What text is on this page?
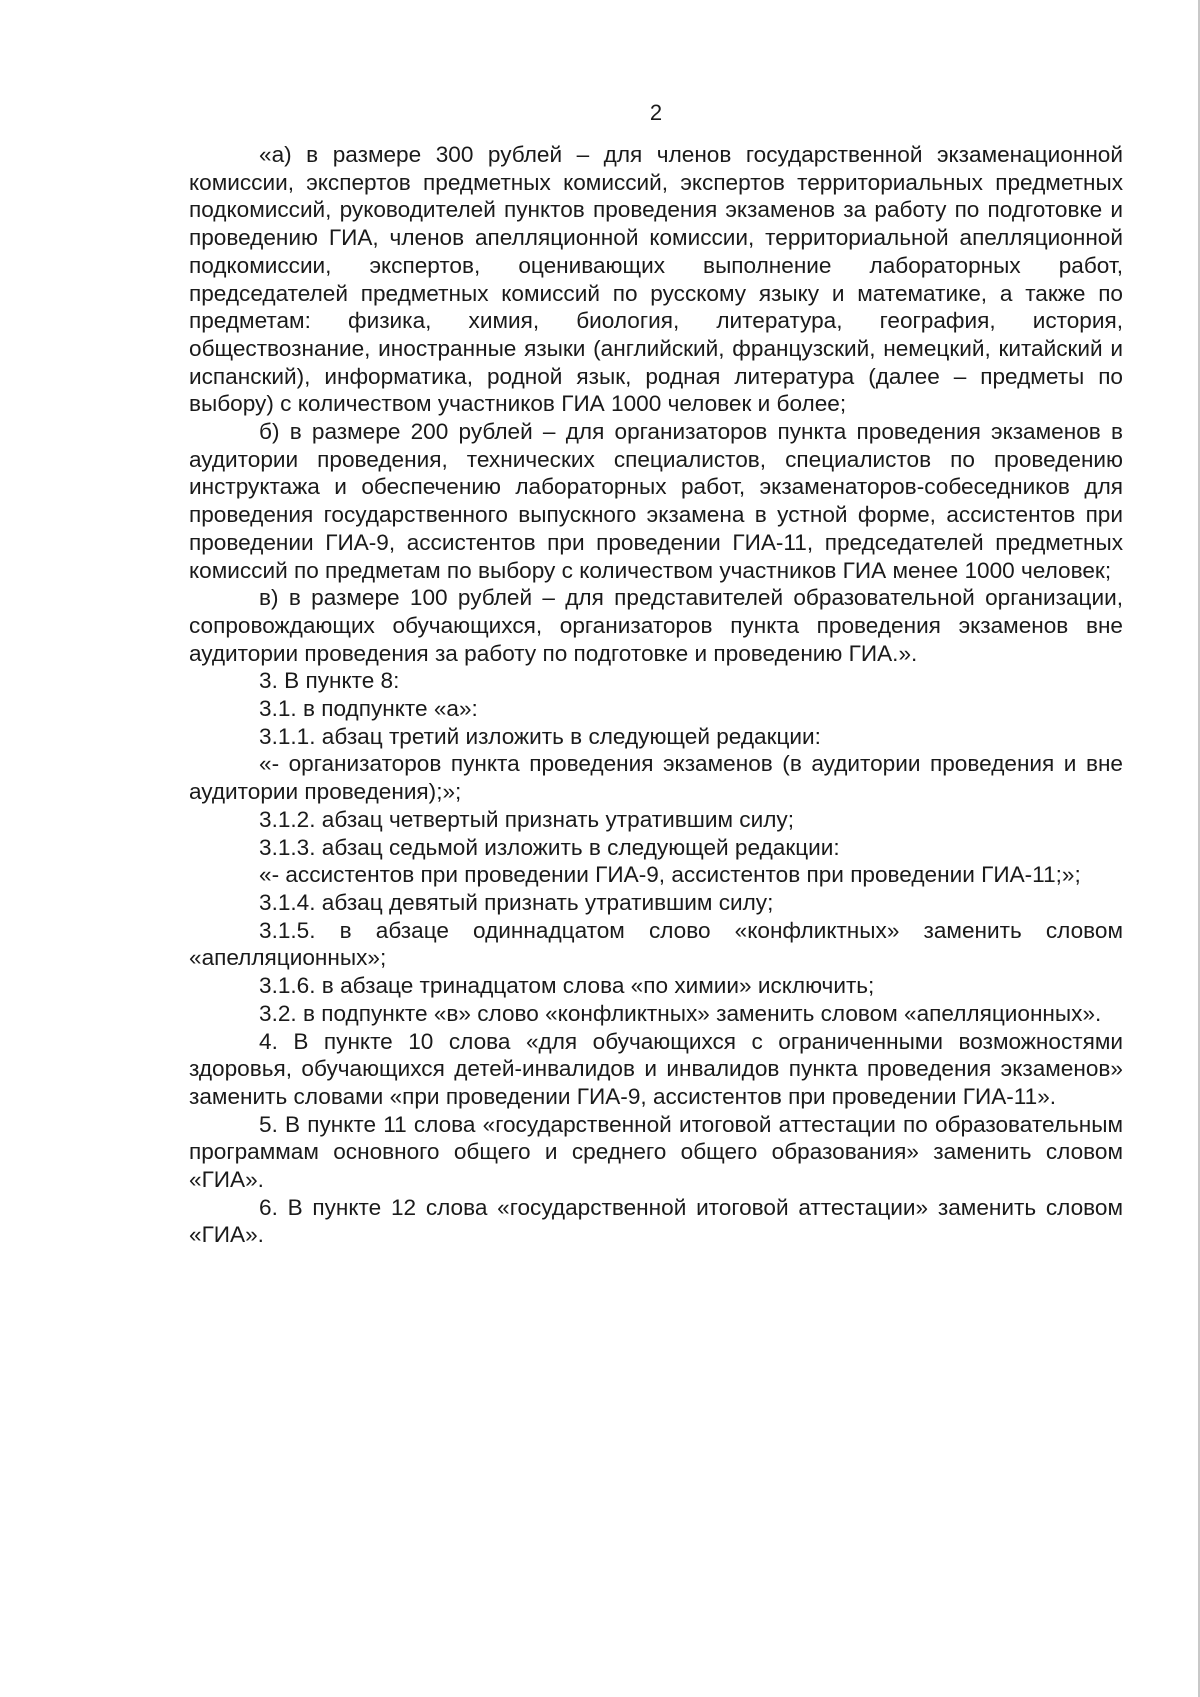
2

«а) в размере 300 рублей – для членов государственной экзаменационной комиссии, экспертов предметных комиссий, экспертов территориальных предметных подкомиссий, руководителей пунктов проведения экзаменов за работу по подготовке и проведению ГИА, членов апелляционной комиссии, территориальной апелляционной подкомиссии, экспертов, оценивающих выполнение лабораторных работ, председателей предметных комиссий по русскому языку и математике, а также по предметам: физика, химия, биология, литература, география, история, обществознание, иностранные языки (английский, французский, немецкий, китайский и испанский), информатика, родной язык, родная литература (далее – предметы по выбору) с количеством участников ГИА 1000 человек и более;

б) в размере 200 рублей – для организаторов пункта проведения экзаменов в аудитории проведения, технических специалистов, специалистов по проведению инструктажа и обеспечению лабораторных работ, экзаменаторов-собеседников для проведения государственного выпускного экзамена в устной форме, ассистентов при проведении ГИА-9, ассистентов при проведении ГИА-11, председателей предметных комиссий по предметам по выбору с количеством участников ГИА менее 1000 человек;

в) в размере 100 рублей – для представителей образовательной организации, сопровождающих обучающихся, организаторов пункта проведения экзаменов вне аудитории проведения за работу по подготовке и проведению ГИА.».

3. В пункте 8:

3.1. в подпункте «а»:

3.1.1. абзац третий изложить в следующей редакции:

«- организаторов пункта проведения экзаменов (в аудитории проведения и вне аудитории проведения);»;

3.1.2. абзац четвертый признать утратившим силу;

3.1.3. абзац седьмой изложить в следующей редакции:

«- ассистентов при проведении ГИА-9, ассистентов при проведении ГИА-11;»;

3.1.4. абзац девятый признать утратившим силу;

3.1.5. в абзаце одиннадцатом слово «конфликтных» заменить словом «апелляционных»;

3.1.6. в абзаце тринадцатом слова «по химии» исключить;

3.2. в подпункте «в» слово «конфликтных» заменить словом «апелляционных».

4. В пункте 10 слова «для обучающихся с ограниченными возможностями здоровья, обучающихся детей-инвалидов и инвалидов пункта проведения экзаменов» заменить словами «при проведении ГИА-9, ассистентов при проведении ГИА-11».

5. В пункте 11 слова «государственной итоговой аттестации по образовательным программам основного общего и среднего общего образования» заменить словом «ГИА».

6. В пункте 12 слова «государственной итоговой аттестации» заменить словом «ГИА».
